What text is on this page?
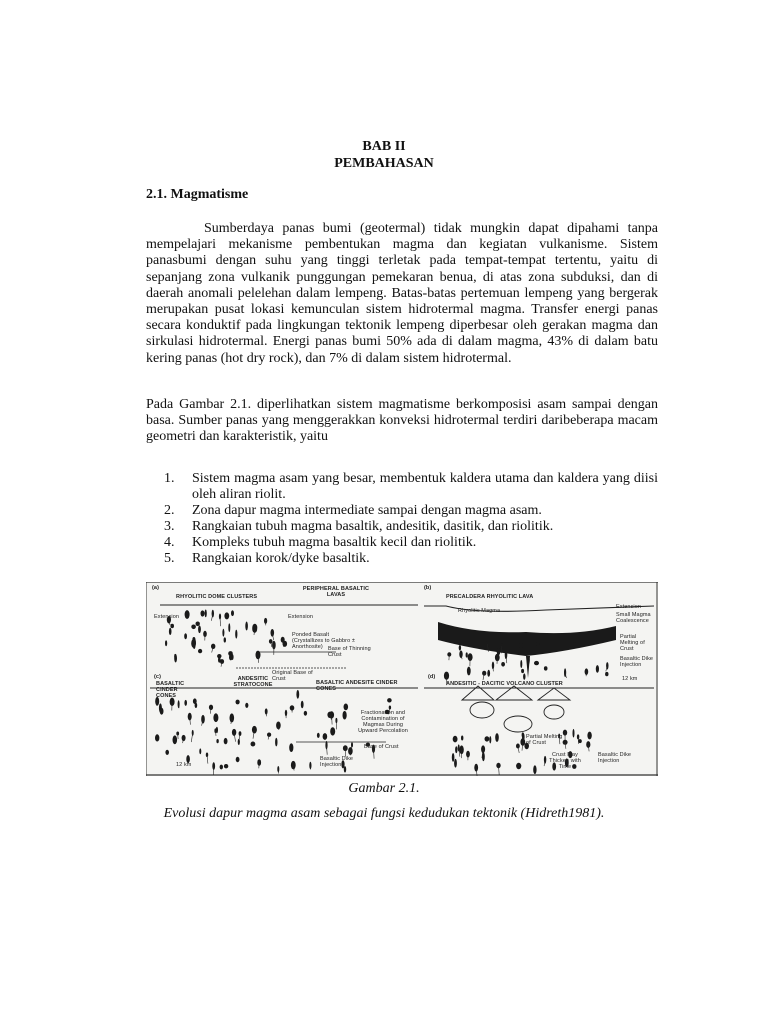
BAB II
PEMBAHASAN
2.1. Magmatisme

Sumberdaya panas bumi (geotermal) tidak mungkin dapat dipahami tanpa mempelajari mekanisme pembentukan magma dan kegiatan vulkanisme. Sistem panasbumi dengan suhu yang tinggi terletak pada tempat-tempat tertentu, yaitu di sepanjang zona vulkanik punggungan pemekaran benua, di atas zona subduksi, dan di daerah anomali pelelehan dalam lempeng. Batas-batas pertemuan lempeng yang bergerak merupakan pusat lokasi kemunculan sistem hidrotermal magma. Transfer energi panas secara konduktif pada lingkungan tektonik lempeng diperbesar oleh gerakan magma dan sirkulasi hidrotermal. Energi panas bumi 50% ada di dalam magma, 43% di dalam batu kering panas (hot dry rock), dan 7% di dalam sistem hidrotermal.

Pada Gambar 2.1. diperlihatkan sistem magmatisme berkomposisi asam sampai dengan basa. Sumber panas yang menggerakkan konveksi hidrotermal terdiri daribeberapa macam geometri dan karakteristik, yaitu

1.	Sistem magma asam yang besar, membentuk kaldera utama dan kaldera yang diisi oleh aliran riolit.
2.	Zona dapur magma intermediate sampai dengan magma asam.
3.	Rangkaian tubuh magma basaltik, andesitik, dasitik, dan riolitik.
4.	Kompleks tubuh magma basaltik kecil dan riolitik.
5.	Rangkaian korok/dyke basaltik.
(a)
RHYOLITIC DOME CLUSTERS
PERIPHERAL BASALTIC LAVAS
Extension	Extension
Ponded Basalt (Crystallizes to Gabbro ± Anorthosite) Base of Thinning Crust
Original Base of Crust
(b)
PRECALDERA RHYOLITIC LAVA
Rhyolitic Magma
Extension
Small Magma Coalescence
Partial Melting of Crust
Basaltic Dike Injection
12 km
(c)
BASALTIC CINDER CONES
ANDESITIC STRATOCONE	BASALTIC ANDESITE CINDER CONES
Fractionation and Contamination of Magmas During Upward Percolation
Base of Crust
Basaltic Dike Injection
12 km
(d)
ANDESITIC - DACITIC VOLCANO CLUSTER
Crust May Thicken with Time
Basaltic Dike Injection
Partial Melting of Crust
Gambar 2.1.
Evolusi dapur magma asam sebagai fungsi kedudukan tektonik (Hidreth1981).
